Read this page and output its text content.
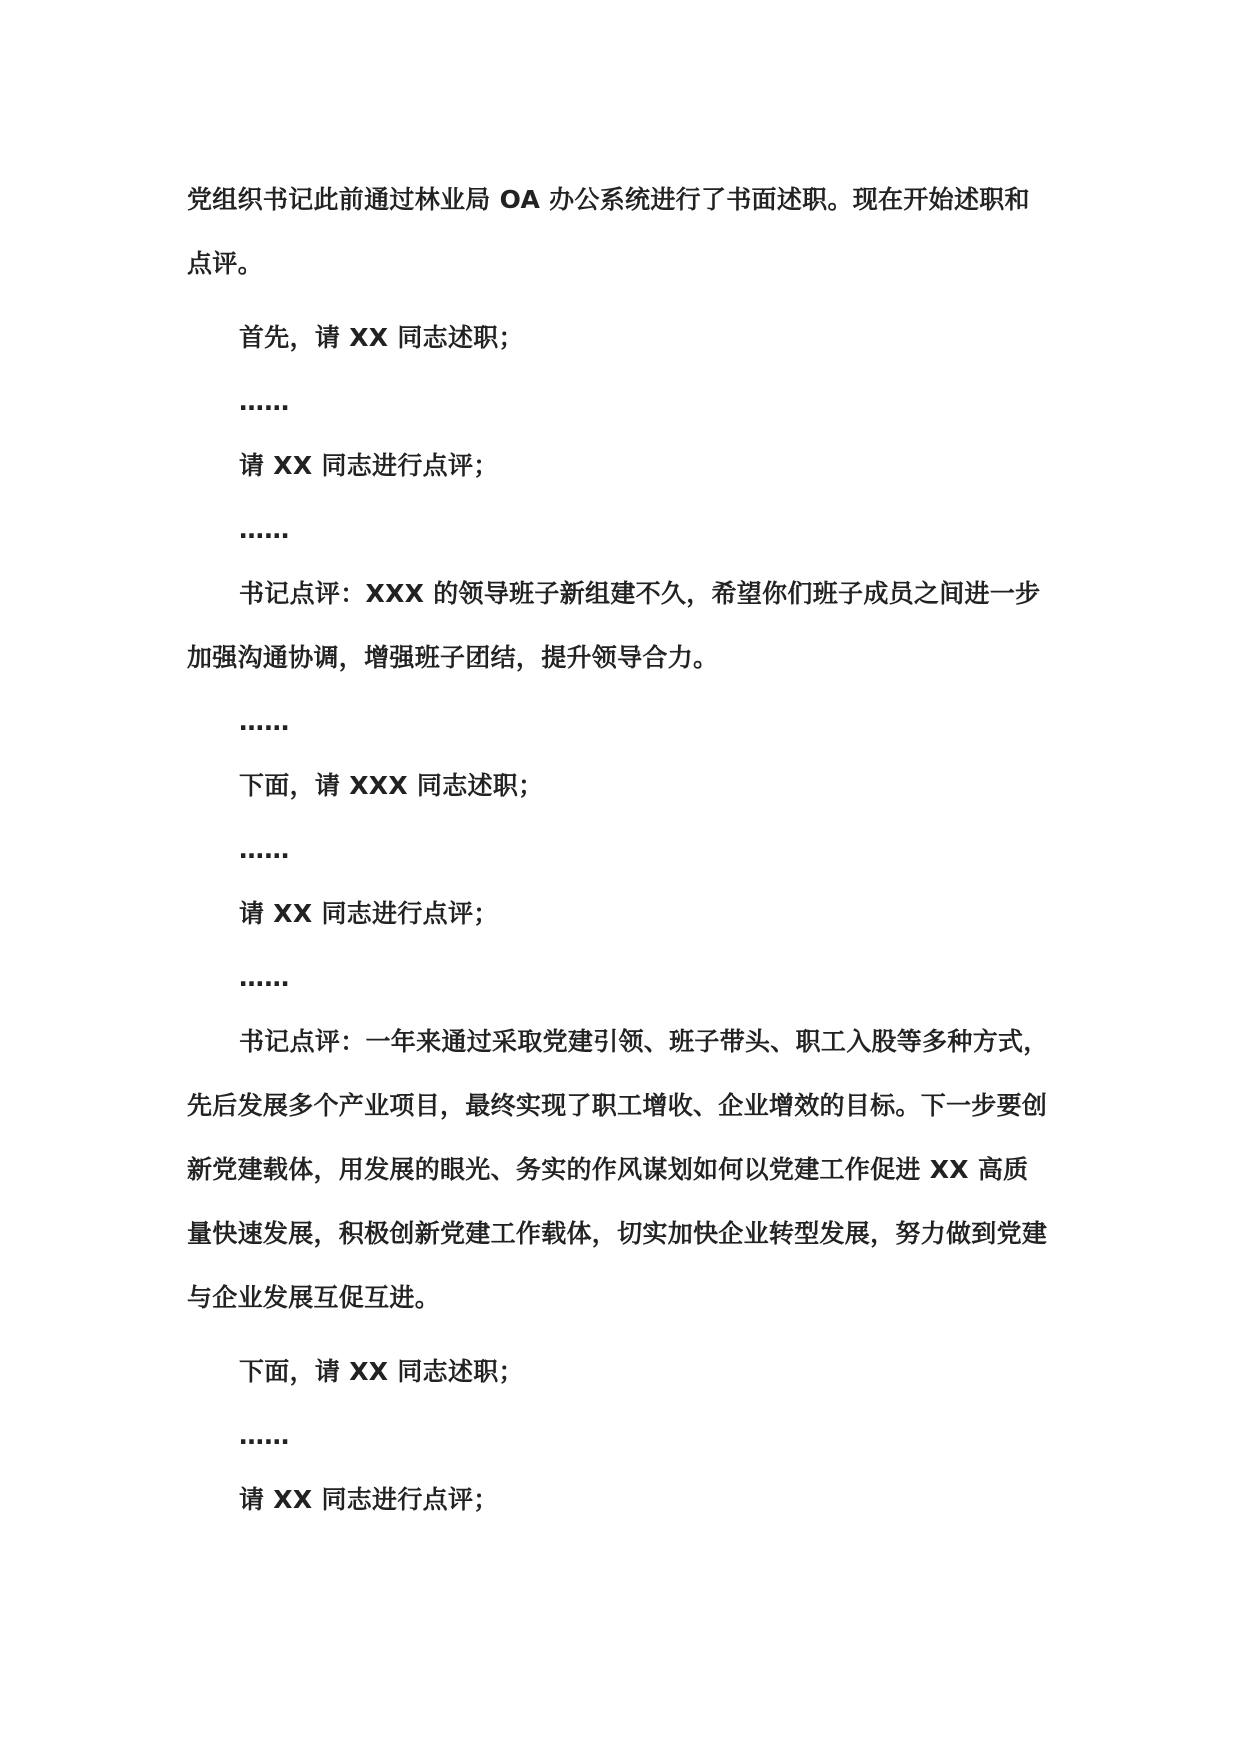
党组织书记此前通过林业局 OA 办公系统进行了书面述职。现在开始述职和点评。

首先，请 XX 同志述职；

……

请 XX 同志进行点评；

……

书记点评：XXX 的领导班子新组建不久，希望你们班子成员之间进一步加强沟通协调，增强班子团结，提升领导合力。

……

下面，请 XXX 同志述职；

……

请 XX 同志进行点评；

……

书记点评：一年来通过采取党建引领、班子带头、职工入股等多种方式，先后发展多个产业项目，最终实现了职工增收、企业增效的目标。下一步要创新党建载体，用发展的眼光、务实的作风谋划如何以党建工作促进 XX 高质量快速发展，积极创新党建工作载体，切实加快企业转型发展，努力做到党建与企业发展互促互进。

下面，请 XX 同志述职；

……

请 XX 同志进行点评；
